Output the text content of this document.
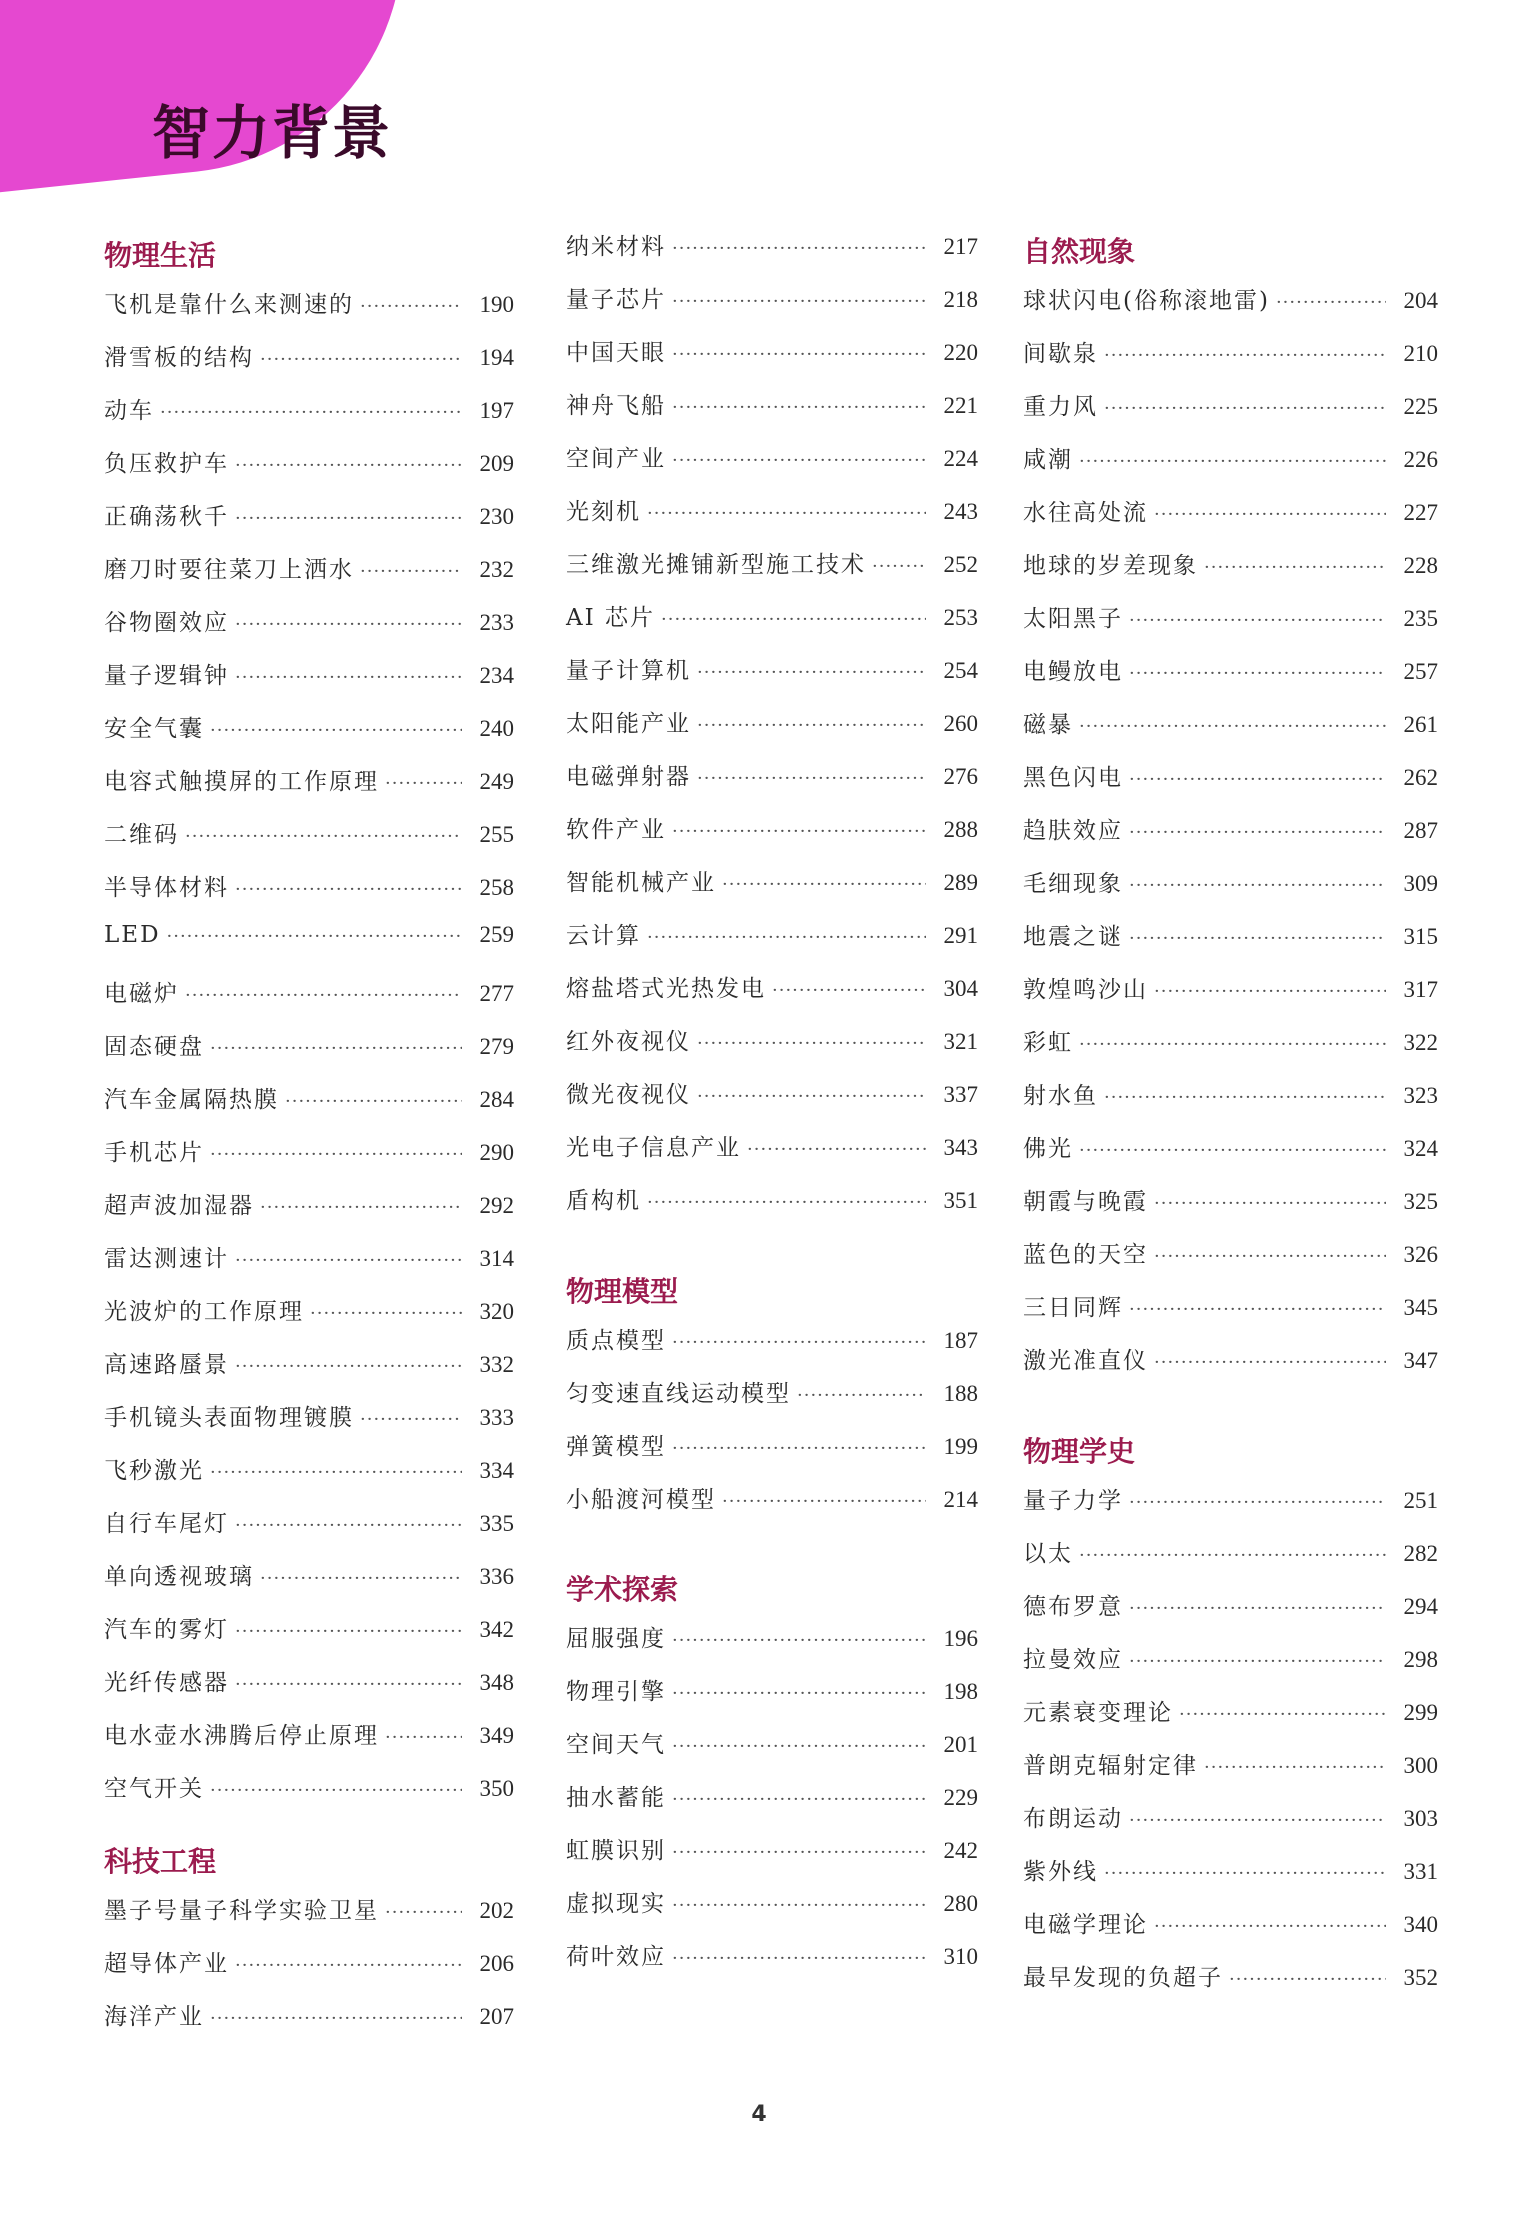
智力背景
物理生活
飞机是靠什么来测速的 ·····	190
滑雪板的结构 ·····	194
动车 ·····	197
负压救护车 ·····	209
正确荡秋千 ·····	230
磨刀时要往菜刀上洒水 ·····	232
谷物圈效应 ·····	233
量子逻辑钟 ·····	234
安全气囊 ·····	240
电容式触摸屏的工作原理 ·····	249
二维码 ·····	255
半导体材料 ·····	258
LED ·····	259
电磁炉 ·····	277
固态硬盘 ·····	279
汽车金属隔热膜 ·····	284
手机芯片 ·····	290
超声波加湿器 ·····	292
雷达测速计 ·····	314
光波炉的工作原理 ·····	320
高速路蜃景 ·····	332
手机镜头表面物理镀膜 ·····	333
飞秒激光 ·····	334
自行车尾灯 ·····	335
单向透视玻璃 ·····	336
汽车的雾灯 ·····	342
光纤传感器 ·····	348
电水壶水沸腾后停止原理 ·····	349
空气开关 ·····	350
科技工程
墨子号量子科学实验卫星 ·····	202
超导体产业 ·····	206
海洋产业 ·····	207
纳米材料 ·····	217
量子芯片 ·····	218
中国天眼 ·····	220
神舟飞船 ·····	221
空间产业 ·····	224
光刻机 ·····	243
三维激光摊铺新型施工技术 ·····	252
AI 芯片 ·····	253
量子计算机 ·····	254
太阳能产业 ·····	260
电磁弹射器 ·····	276
软件产业 ·····	288
智能机械产业 ·····	289
云计算 ·····	291
熔盐塔式光热发电 ·····	304
红外夜视仪 ·····	321
微光夜视仪 ·····	337
光电子信息产业 ·····	343
盾构机 ·····	351
物理模型
质点模型 ·····	187
匀变速直线运动模型 ·····	188
弹簧模型 ·····	199
小船渡河模型 ·····	214
学术探索
屈服强度 ·····	196
物理引擎 ·····	198
空间天气 ·····	201
抽水蓄能 ·····	229
虹膜识别 ·····	242
虚拟现实 ·····	280
荷叶效应 ·····	310
自然现象
球状闪电(俗称滚地雷) ·····	204
间歇泉 ·····	210
重力风 ·····	225
咸潮 ·····	226
水往高处流 ·····	227
地球的岁差现象 ·····	228
太阳黑子 ·····	235
电鳗放电 ·····	257
磁暴 ·····	261
黑色闪电 ·····	262
趋肤效应 ·····	287
毛细现象 ·····	309
地震之谜 ·····	315
敦煌鸣沙山 ·····	317
彩虹 ·····	322
射水鱼 ·····	323
佛光 ·····	324
朝霞与晚霞 ·····	325
蓝色的天空 ·····	326
三日同辉 ·····	345
激光准直仪 ·····	347
物理学史
量子力学 ·····	251
以太 ·····	282
德布罗意 ·····	294
拉曼效应 ·····	298
元素衰变理论 ·····	299
普朗克辐射定律 ·····	300
布朗运动 ·····	303
紫外线 ·····	331
电磁学理论 ·····	340
最早发现的负超子 ·····	352
4
